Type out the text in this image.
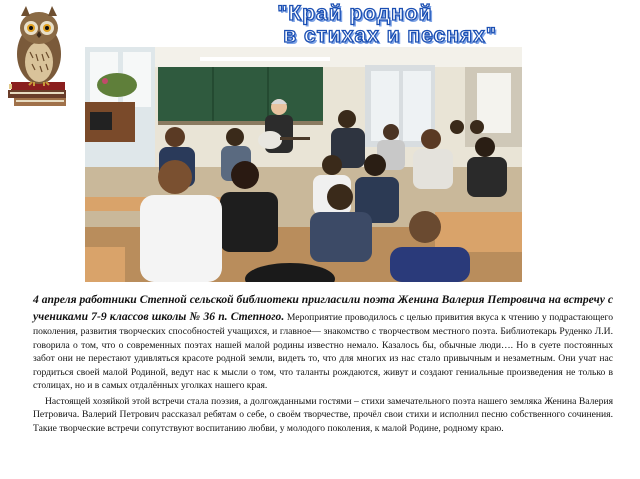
"Край родной
в стихах и песнях"
4 апреля работники Степной сельской библиотеки пригласили поэта Женина Валерия Петровича на встречу с учениками 7-9 классов школы № 36 п. Степного. Мероприятие проводилось с целью привития вкуса к чтению у подрастающего поколения, развития творческих способностей учащихся, и главное— знакомство с творчеством местного поэта. Библиотекарь Руденко Л.И. говорила о том, что о современных поэтах нашей малой родины известно немало. Казалось бы, обычные люди…. Но в суете постоянных забот они не перестают удивляться красоте родной земли, видеть то, что для многих из нас стало привычным и незаметным. Они учат нас гордиться своей малой Родиной, ведут нас к мысли о том, что таланты рождаются, живут и создают гениальные произведения не только в столицах, но и в самых отдалённых уголках нашего края.
Настоящей хозяйкой этой встречи стала поэзия, а долгожданными гостями – стихи замечательного поэта нашего земляка Женина Валерия Петровича. Валерий Петрович рассказал ребятам о себе, о своём творчестве, прочёл свои стихи и исполнил песню собственного сочинения. Такие творческие встречи сопутствуют воспитанию любви, у молодого поколения, к малой Родине, родному краю.
